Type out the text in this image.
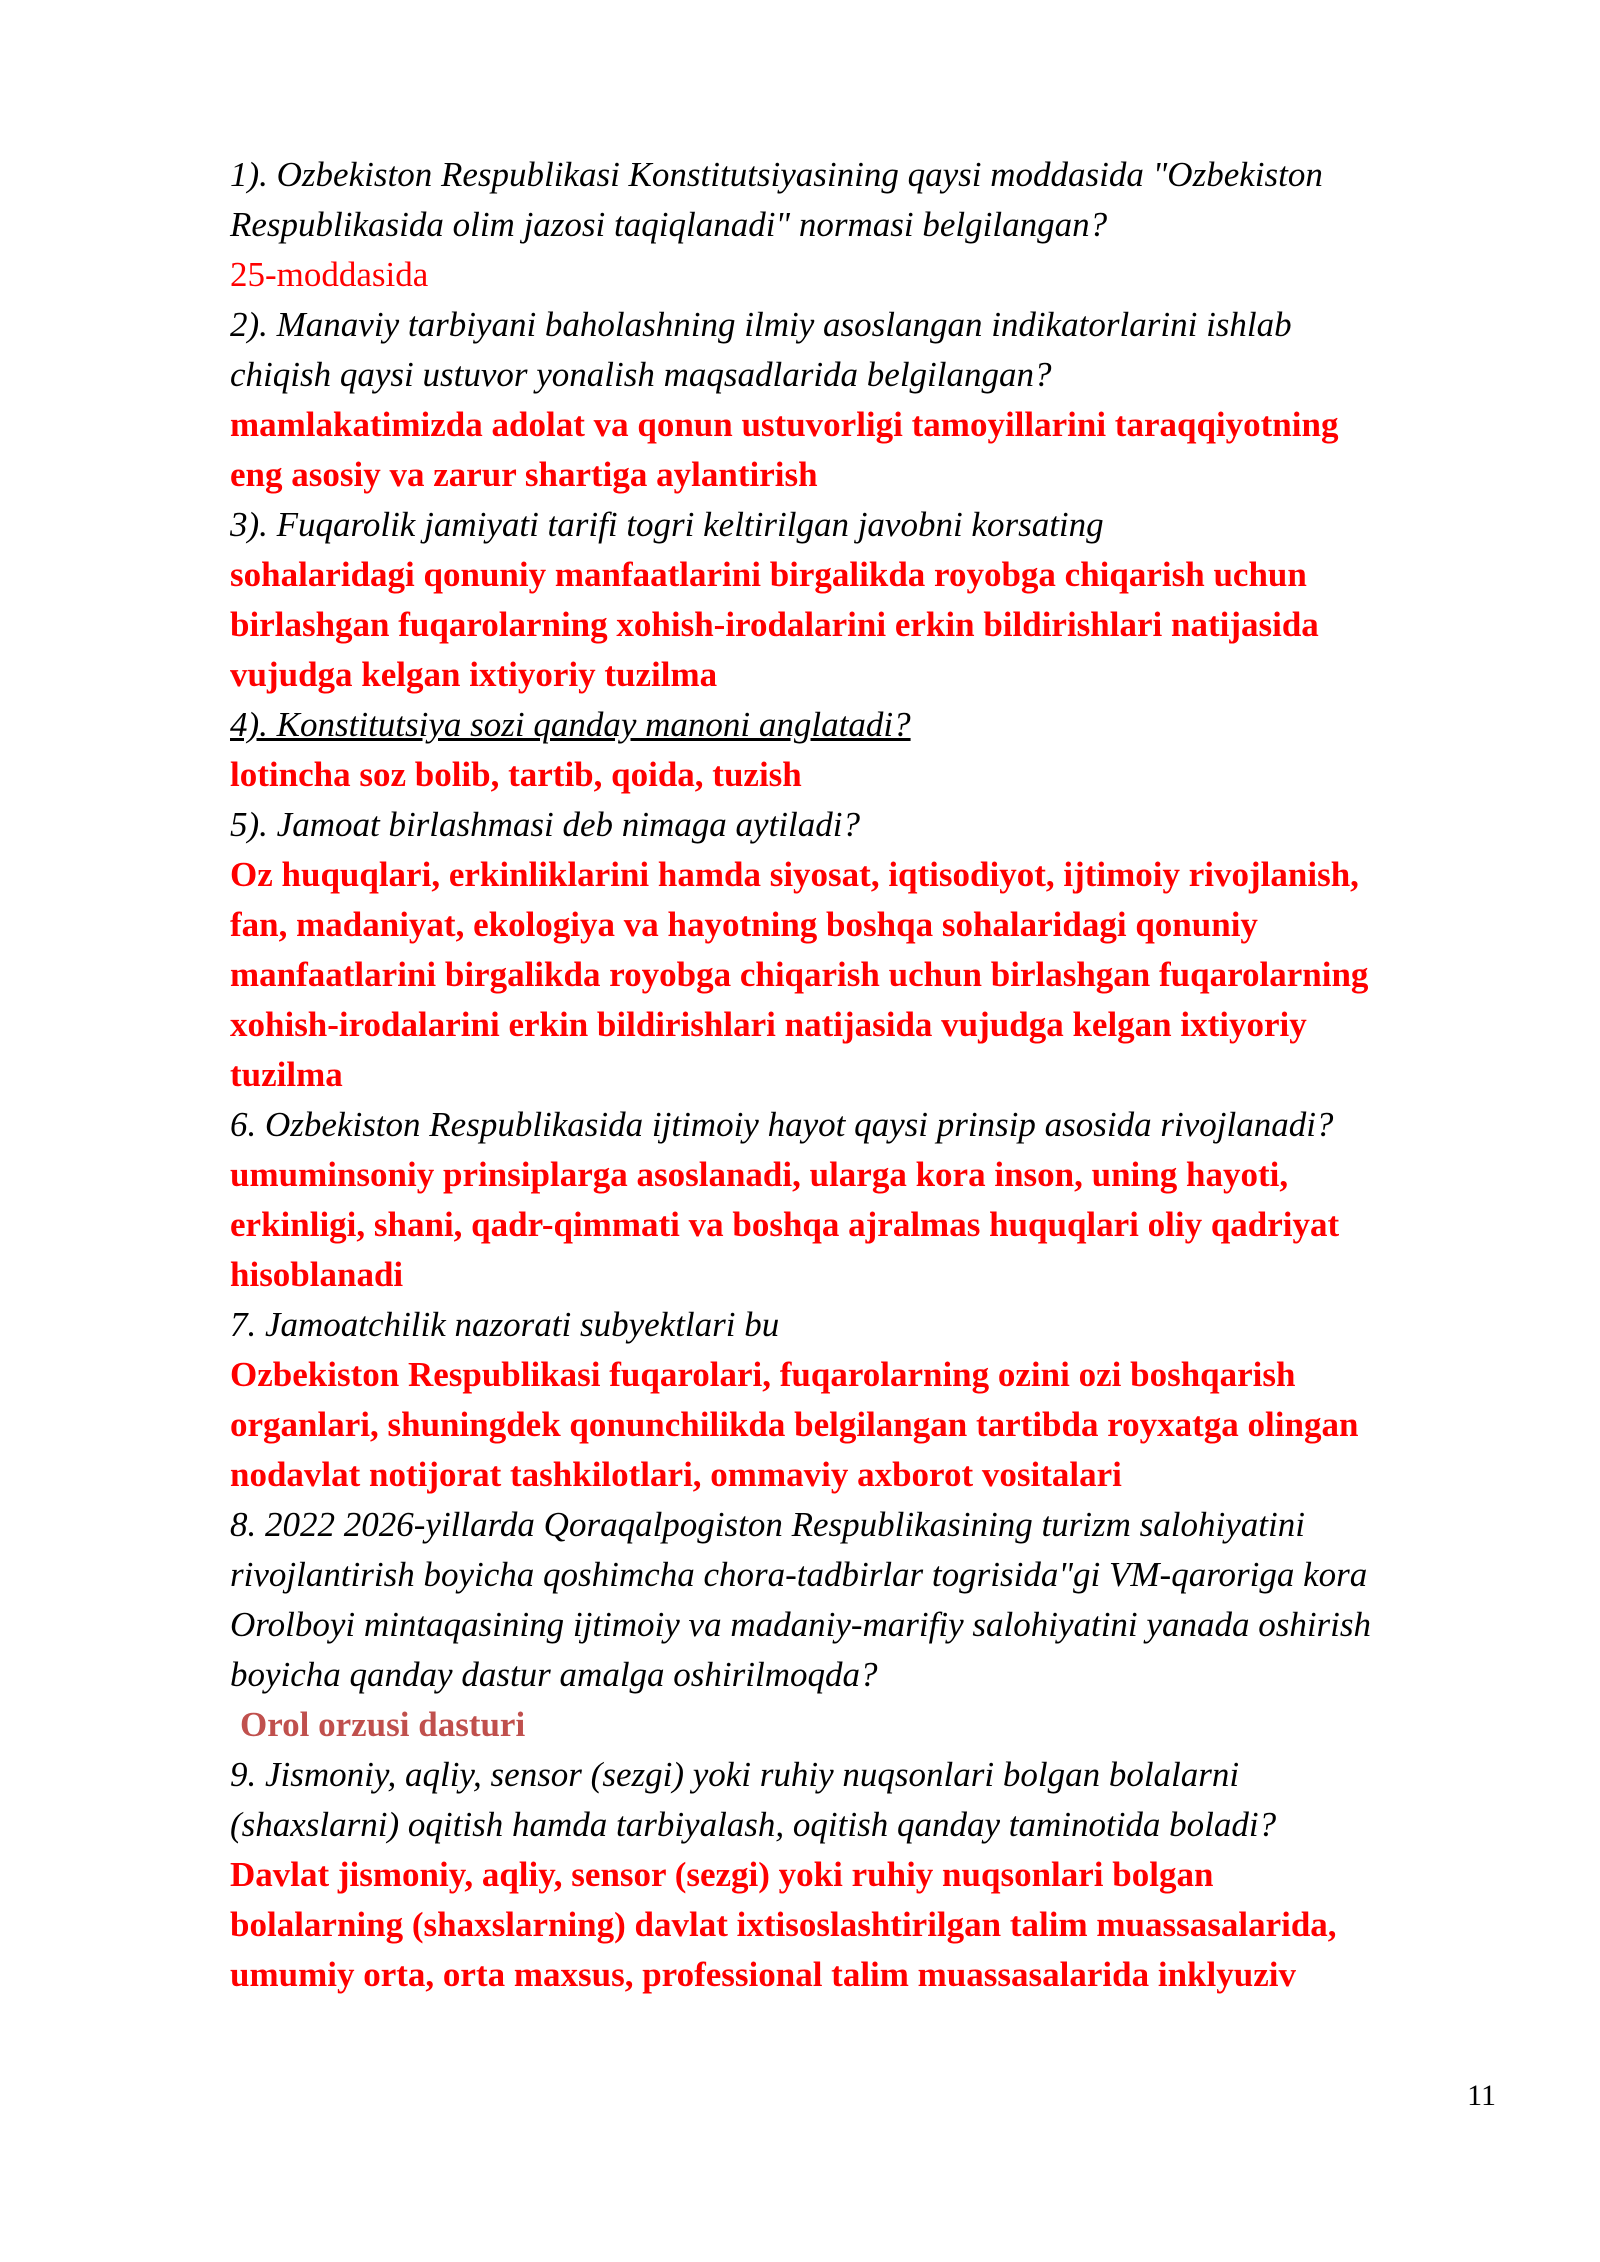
1). Ozbekiston Respublikasi Konstitutsiyasining qaysi moddasida "Ozbekiston
Respublikasida olim jazosi taqiqlanadi" normasi belgilangan?
25-moddasida
2). Manaviy tarbiyani baholashning ilmiy asoslangan indikatorlarini ishlab
chiqish qaysi ustuvor yonalish maqsadlarida belgilangan?
mamlakatimizda adolat va qonun ustuvorligi tamoyillarini taraqqiyotning
eng asosiy va zarur shartiga aylantirish
3). Fuqarolik jamiyati tarifi togri keltirilgan javobni korsating
sohalaridagi qonuniy manfaatlarini birgalikda royobga chiqarish uchun
birlashgan fuqarolarning xohish-irodalarini erkin bildirishlari natijasida
vujudga kelgan ixtiyoriy tuzilma
4). Konstitutsiya sozi qanday manoni anglatadi?
lotincha soz bolib, tartib, qoida, tuzish
5). Jamoat birlashmasi deb nimaga aytiladi?
Oz huquqlari, erkinliklarini hamda siyosat, iqtisodiyot, ijtimoiy rivojlanish,
fan, madaniyat, ekologiya va hayotning boshqa sohalaridagi qonuniy
manfaatlarini birgalikda royobga chiqarish uchun birlashgan fuqarolarning
xohish-irodalarini erkin bildirishlari natijasida vujudga kelgan ixtiyoriy
tuzilma
6. Ozbekiston Respublikasida ijtimoiy hayot qaysi prinsip asosida rivojlanadi?
umuminsoniy prinsiplarga asoslanadi, ularga kora inson, uning hayoti,
erkinligi, shani, qadr-qimmati va boshqa ajralmas huquqlari oliy qadriyat
hisoblanadi
7. Jamoatchilik nazorati subyektlari bu
Ozbekiston Respublikasi fuqarolari, fuqarolarning ozini ozi boshqarish
organlari, shuningdek qonunchilikda belgilangan tartibda royxatga olingan
nodavlat notijorat tashkilotlari, ommaviy axborot vositalari
8. 2022 2026-yillarda Qoraqalpogiston Respublikasining turizm salohiyatini
rivojlantirish boyicha qoshimcha chora-tadbirlar togrisida"gi VM-qaroriga kora
Orolboyi mintaqasining ijtimoiy va madaniy-marifiy salohiyatini yanada oshirish
boyicha qanday dastur amalga oshirilmoqda?
Orol orzusi dasturi
9. Jismoniy, aqliy, sensor (sezgi) yoki ruhiy nuqsonlari bolgan bolalarni
(shaxslarni) oqitish hamda tarbiyalash, oqitish qanday taminotida boladi?
Davlat jismoniy, aqliy, sensor (sezgi) yoki ruhiy nuqsonlari bolgan
bolalarning (shaxslarning) davlat ixtisoslashtirilgan talim muassasalarida,
umumiy orta, orta maxsus, professional talim muassasalarida inklyuziv
11
